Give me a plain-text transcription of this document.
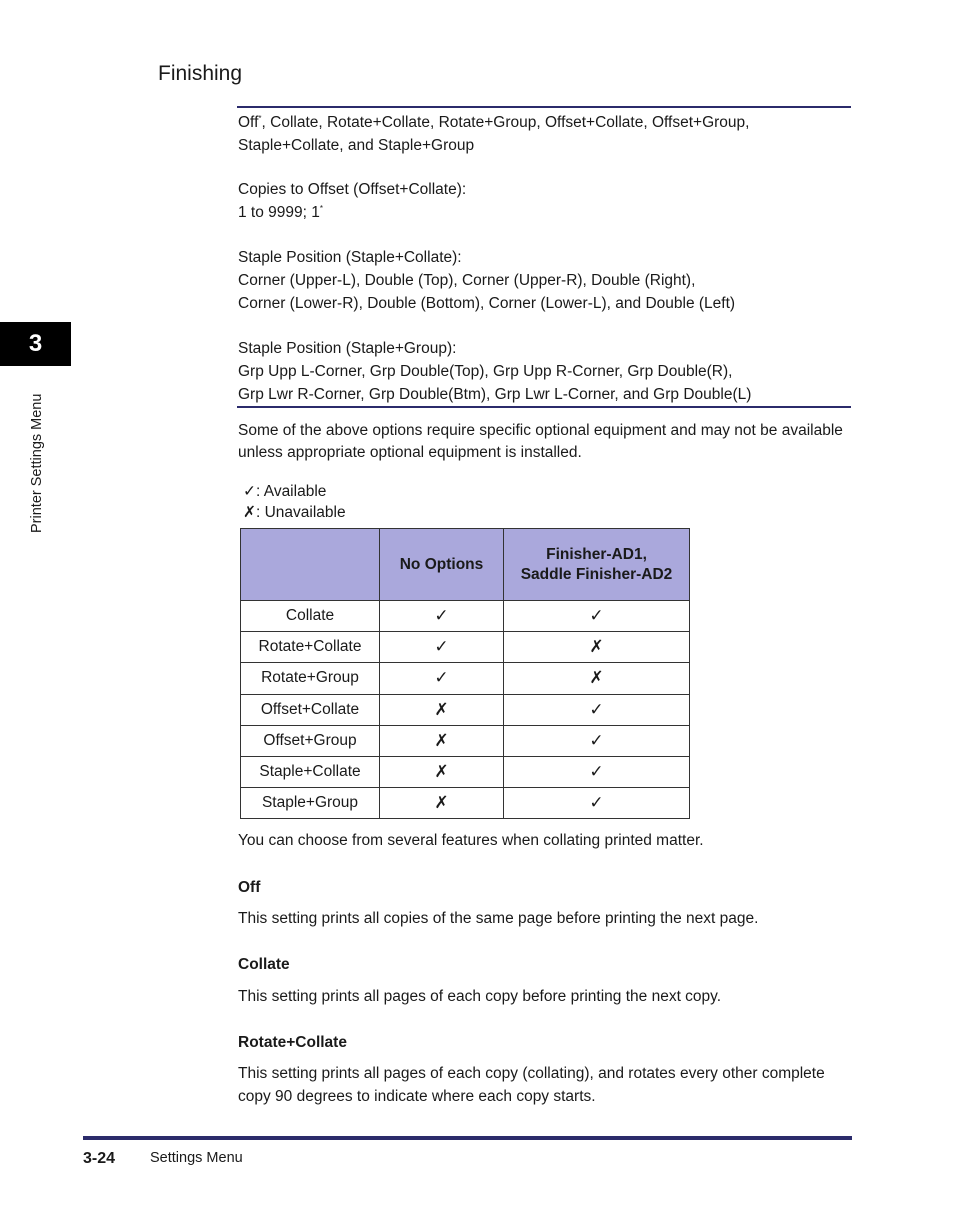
3
Printer Settings Menu
Finishing
Off*, Collate, Rotate+Collate, Rotate+Group, Offset+Collate, Offset+Group,
Staple+Collate, and Staple+Group
Copies to Offset (Offset+Collate):
1 to 9999; 1*
Staple Position (Staple+Collate):
Corner (Upper-L), Double (Top), Corner (Upper-R), Double (Right),
Corner (Lower-R), Double (Bottom), Corner (Lower-L), and Double (Left)
Staple Position (Staple+Group):
Grp Upp L-Corner, Grp Double(Top), Grp Upp R-Corner, Grp Double(R),
Grp Lwr R-Corner, Grp Double(Btm), Grp Lwr L-Corner, and Grp Double(L)
Some of the above options require specific optional equipment and may not be available unless appropriate optional equipment is installed.
✓: Available
✗: Unavailable
	No Options	Finisher-AD1,
Saddle Finisher-AD2

Collate	✓	✓
Rotate+Collate	✓	✗
Rotate+Group	✓	✗
Offset+Collate	✗	✓
Offset+Group	✗	✓
Staple+Collate	✗	✓
Staple+Group	✗	✓
You can choose from several features when collating printed matter.
Off
This setting prints all copies of the same page before printing the next page.
Collate
This setting prints all pages of each copy before printing the next copy.
Rotate+Collate
This setting prints all pages of each copy (collating), and rotates every other complete copy 90 degrees to indicate where each copy starts.
3-24 Settings Menu
